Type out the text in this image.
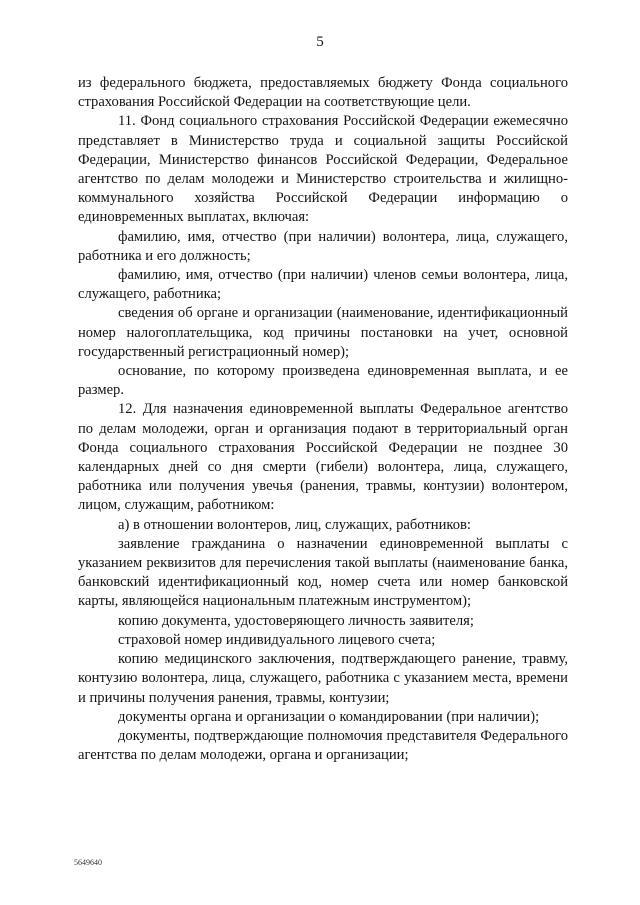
5

из федерального бюджета, предоставляемых бюджету Фонда социального страхования Российской Федерации на соответствующие цели.

11. Фонд социального страхования Российской Федерации ежемесячно представляет в Министерство труда и социальной защиты Российской Федерации, Министерство финансов Российской Федерации, Федеральное агентство по делам молодежи и Министерство строительства и жилищно-коммунального хозяйства Российской Федерации информацию о единовременных выплатах, включая:

фамилию, имя, отчество (при наличии) волонтера, лица, служащего, работника и его должность;

фамилию, имя, отчество (при наличии) членов семьи волонтера, лица, служащего, работника;

сведения об органе и организации (наименование, идентификационный номер налогоплательщика, код причины постановки на учет, основной государственный регистрационный номер);

основание, по которому произведена единовременная выплата, и ее размер.

12. Для назначения единовременной выплаты Федеральное агентство по делам молодежи, орган и организация подают в территориальный орган Фонда социального страхования Российской Федерации не позднее 30 календарных дней со дня смерти (гибели) волонтера, лица, служащего, работника или получения увечья (ранения, травмы, контузии) волонтером, лицом, служащим, работником:

а) в отношении волонтеров, лиц, служащих, работников:

заявление гражданина о назначении единовременной выплаты с указанием реквизитов для перечисления такой выплаты (наименование банка, банковский идентификационный код, номер счета или номер банковской карты, являющейся национальным платежным инструментом);

копию документа, удостоверяющего личность заявителя;

страховой номер индивидуального лицевого счета;

копию медицинского заключения, подтверждающего ранение, травму, контузию волонтера, лица, служащего, работника с указанием места, времени и причины получения ранения, травмы, контузии;

документы органа и организации о командировании (при наличии);

документы, подтверждающие полномочия представителя Федерального агентства по делам молодежи, органа и организации;

5649640
